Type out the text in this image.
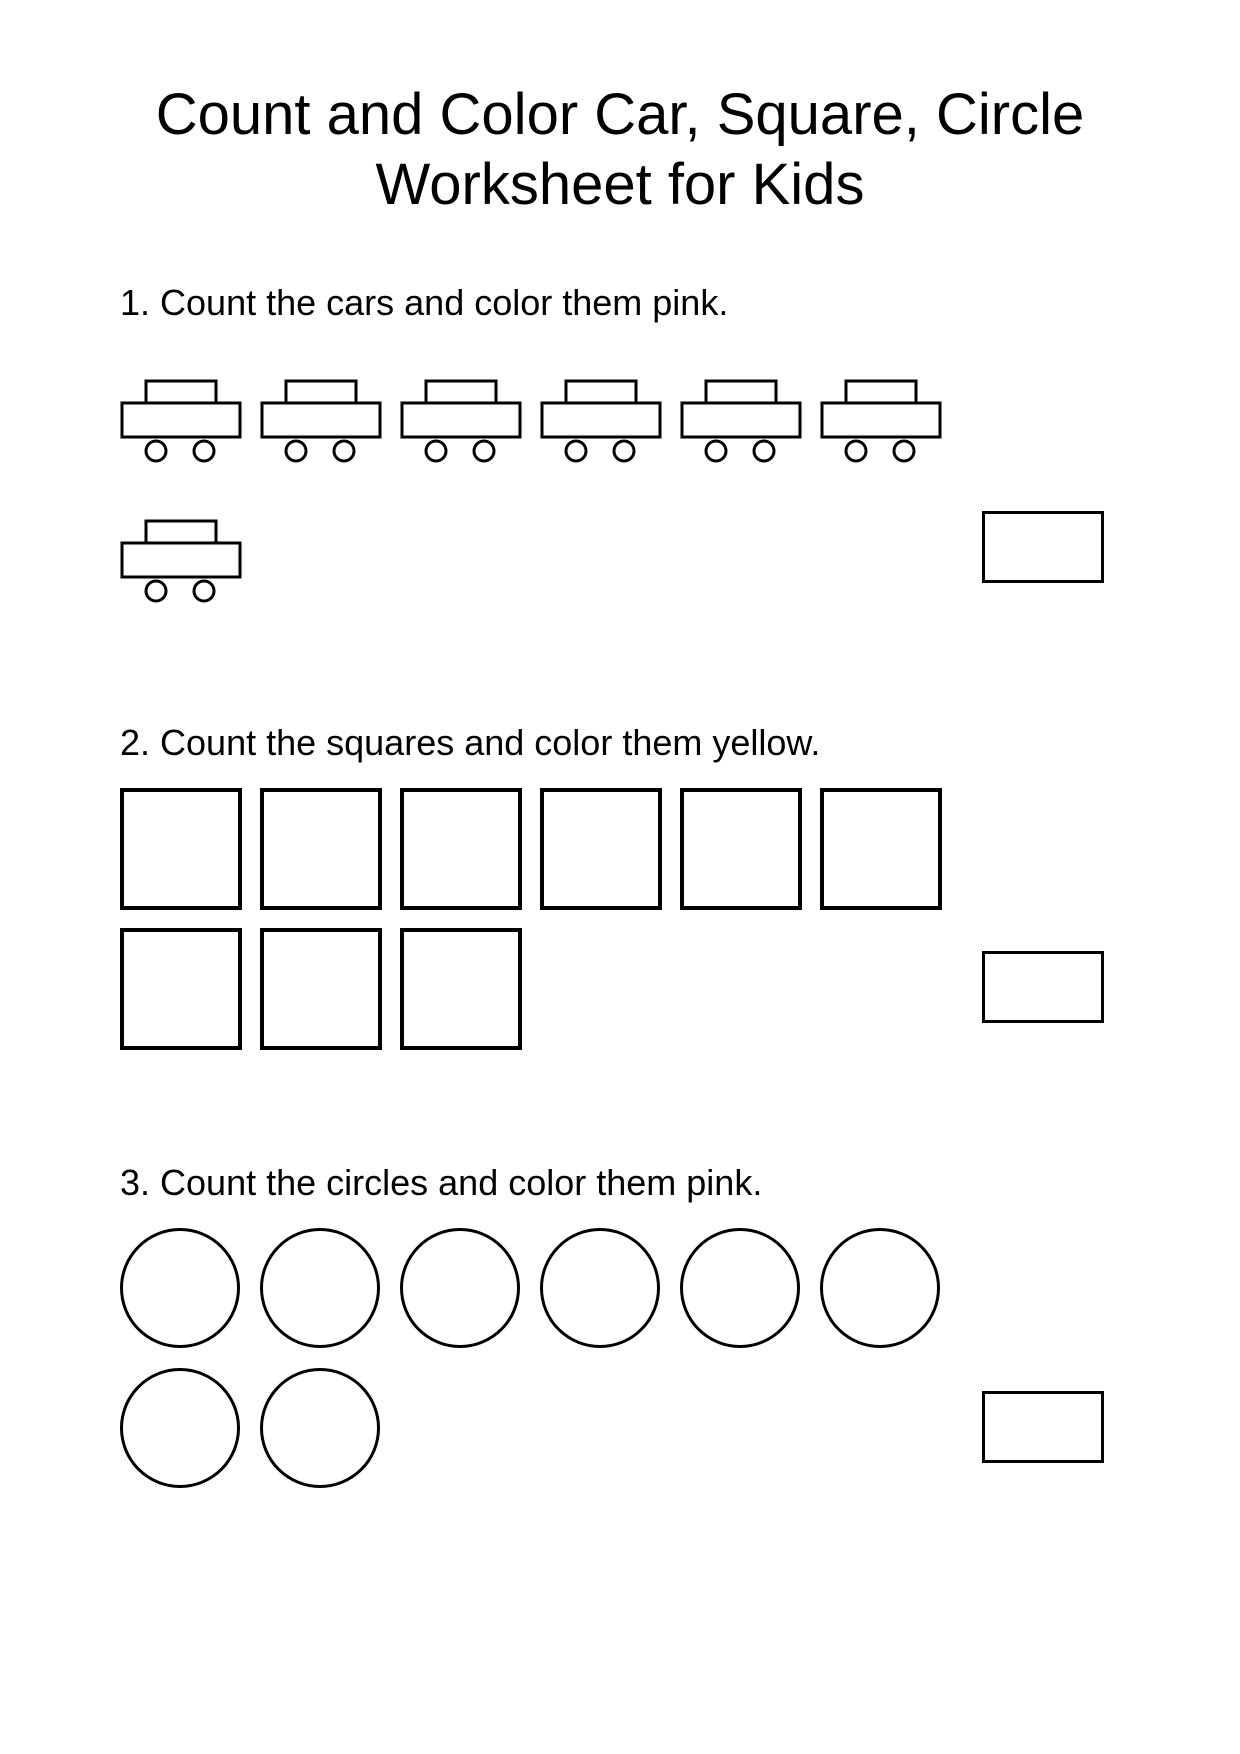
Count and Color Car, Square, Circle
Worksheet for Kids

1. Count the cars and color them pink.

2. Count the squares and color them yellow.

3. Count the circles and color them pink.
